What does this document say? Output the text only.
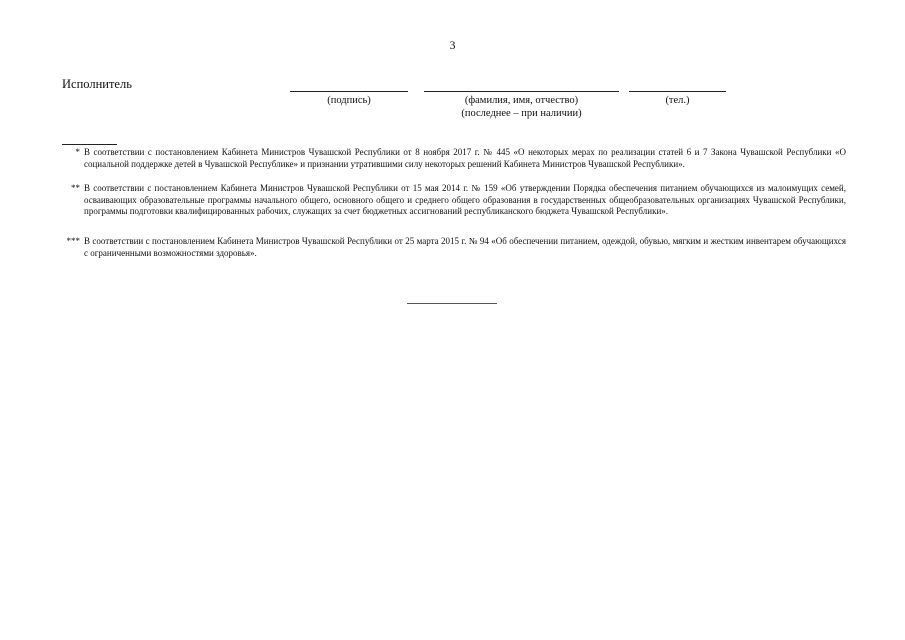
3
Исполнитель
(подпись)	(фамилия, имя, отчество)
(последнее – при наличии)
(тел.)
* В соответствии с постановлением Кабинета Министров Чувашской Республики от 8 ноября 2017 г. № 445 «О некоторых мерах по реализации статей 6 и 7 Закона Чувашской Республики «О социальной поддержке детей в Чувашской Республике» и признании утратившими силу некоторых решений Кабинета Министров Чувашской Республики».
** В соответствии с постановлением Кабинета Министров Чувашской Республики от 15 мая 2014 г. № 159 «Об утверждении Порядка обеспечения питанием обучающихся из малоимущих семей, осваивающих образовательные программы начального общего, основного общего и среднего общего образования в государственных общеобразовательных организациях Чувашской Республики, программы подготовки квалифицированных рабочих, служащих за счет бюджетных ассигнований республиканского бюджета Чувашской Республики».
*** В соответствии с постановлением Кабинета Министров Чувашской Республики от 25 марта 2015 г. № 94 «Об обеспечении питанием, одеждой, обувью, мягким и жестким инвентарем обучающихся с ограниченными возможностями здоровья».
